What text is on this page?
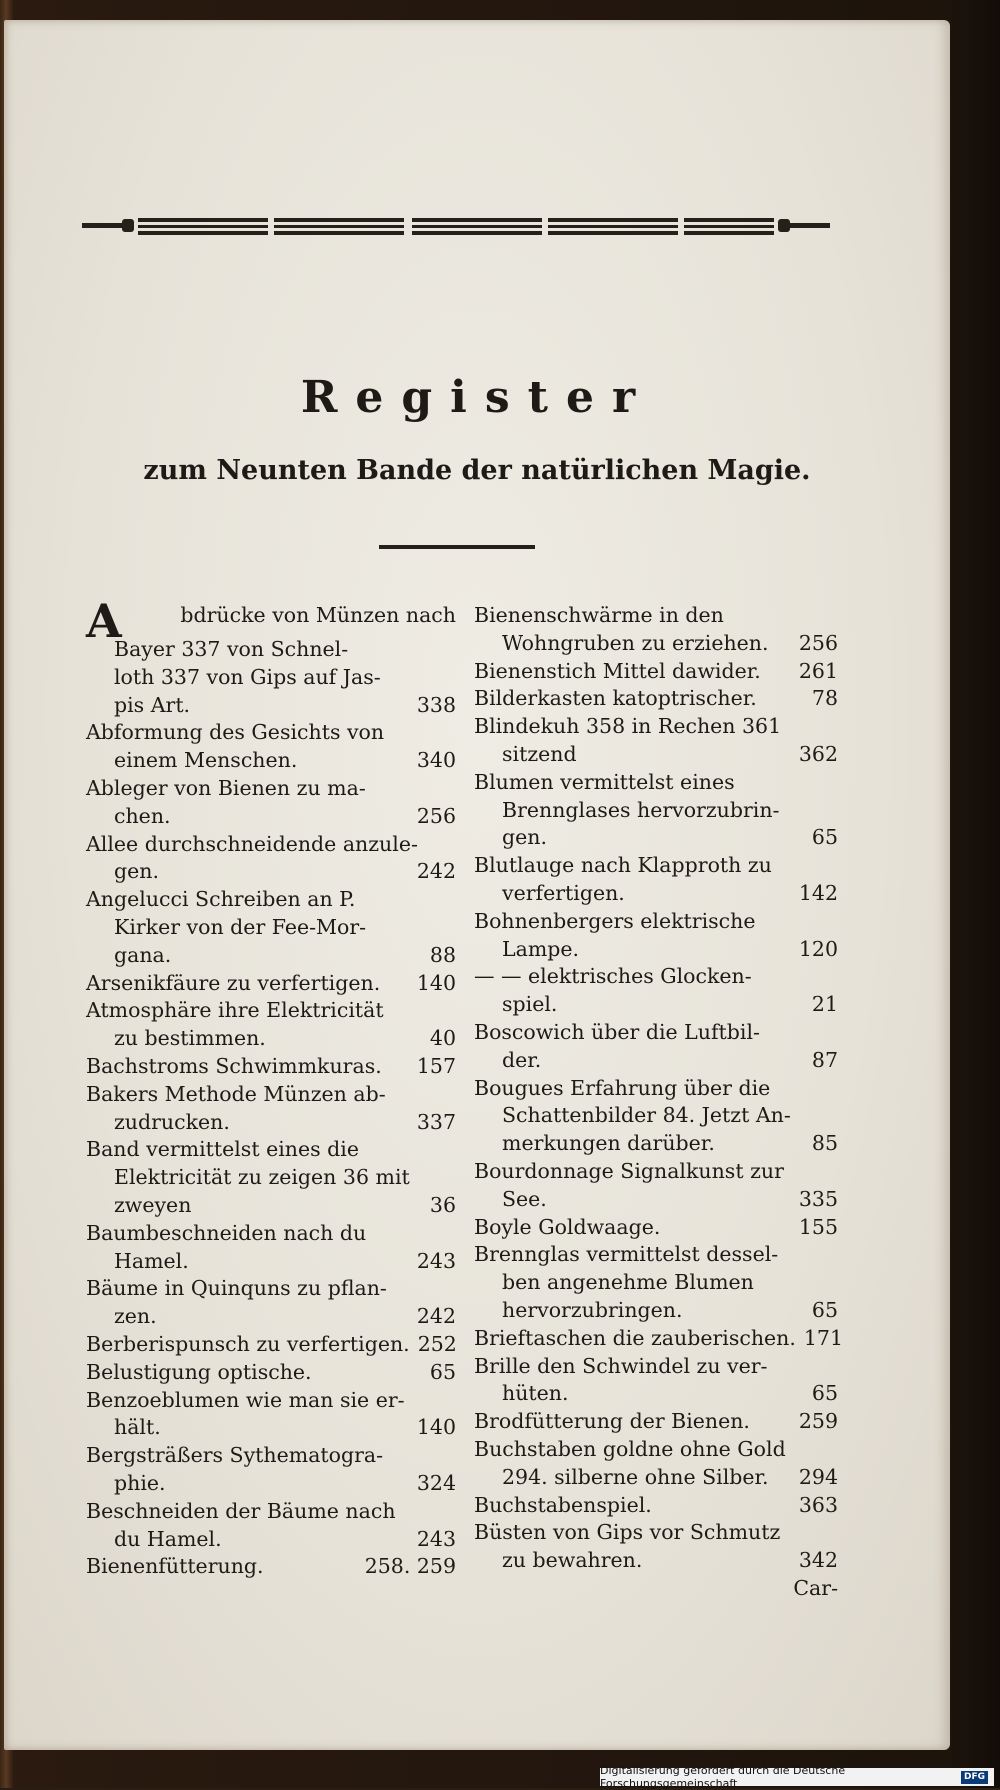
Register
zum Neunten Bande der natürlichen Magie.
A	bdrücke von Münzen nach
Bayer 337 von Schnel-
loth 337 von Gips auf Jas-
pis Art.	338
Abformung des Gesichts von
einem Menschen.	340
Ableger von Bienen zu ma-
chen.	256
Allee durchschneidende anzule-
gen.	242
Angelucci Schreiben an P.
Kirker von der Fee-Mor-
gana.	88
Arsenikfäure zu verfertigen. 140
Atmosphäre ihre Elektricität
zu bestimmen.	40
Bachstroms Schwimmkuras. 157
Bakers Methode Münzen ab-
zudrucken.	337
Band vermittelst eines die
Elektricität zu zeigen 36 mit
zweyen	36
Baumbeschneiden nach du
Hamel.	243
Bäume in Quinquns zu pflan-
zen.	242
Berberispunsch zu verfertigen. 252
Belustigung optische.	65
Benzoeblumen wie man sie er-
hält.	140
Bergsträßers Sythematogra-
phie.	324
Beschneiden der Bäume nach
du Hamel.	243
Bienenfütterung.	258. 259
Bienenschwärme in den
Wohngruben zu erziehen. 256
Bienenstich Mittel dawider. 261
Bilderkasten katoptrischer.	78
Blindekuh 358 in Rechen 361
sitzend	362
Blumen vermittelst eines
Brennglases hervorzubrin-
gen.	65
Blutlauge nach Klapproth zu
verfertigen.	142
Bohnenbergers elektrische
Lampe.	120
— — elektrisches Glocken-
spiel.	21
Boscowich über die Luftbil-
der.	87
Bougues Erfahrung über die
Schattenbilder 84. Jetzt An-
merkungen darüber.	85
Bourdonnage Signalkunst zur
See.	335
Boyle Goldwaage.	155
Brennglas vermittelst dessel-
ben angenehme Blumen
hervorzubringen.	65
Brieftaschen die zauberischen. 171
Brille den Schwindel zu ver-
hüten.	65
Brodfütterung der Bienen. 259
Buchstaben goldne ohne Gold
294. silberne ohne Silber. 294
Buchstabenspiel.	363
Büsten von Gips vor Schmutz
zu bewahren.	342
Car-
Digitalisierung gefördert durch die Deutsche Forschungsgemeinschaft
DFG
